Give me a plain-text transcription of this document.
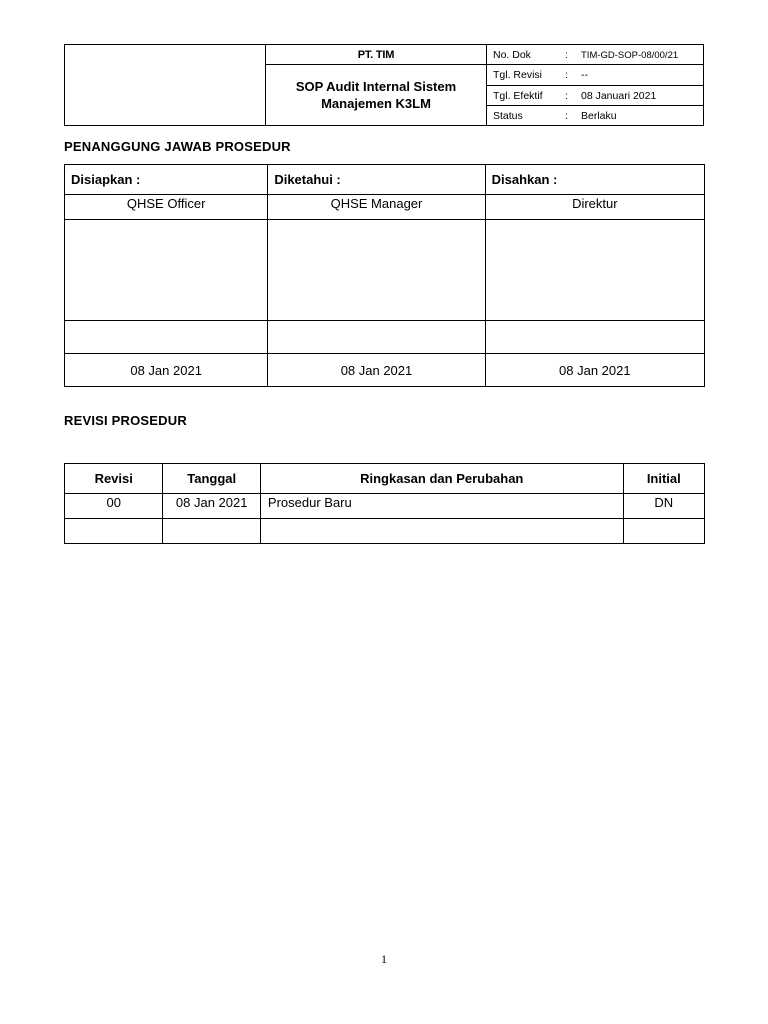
	PT. TIM	No. Dok : TIM-GD-SOP-08/00/21

	SOP Audit Internal Sistem
Manajemen K3LM	Tgl. Revisi : --
		Tgl. Efektif : 08 Januari 2021
		Status : Berlaku
PENANGGUNG JAWAB PROSEDUR
Disiapkan :	Diketahui :	Disahkan :
QHSE Officer	QHSE Manager	Direktur

08 Jan 2021	08 Jan 2021	08 Jan 2021
REVISI PROSEDUR
Revisi	Tanggal	Ringkasan dan Perubahan	Initial
00	08 Jan 2021	Prosedur Baru	DN

1
